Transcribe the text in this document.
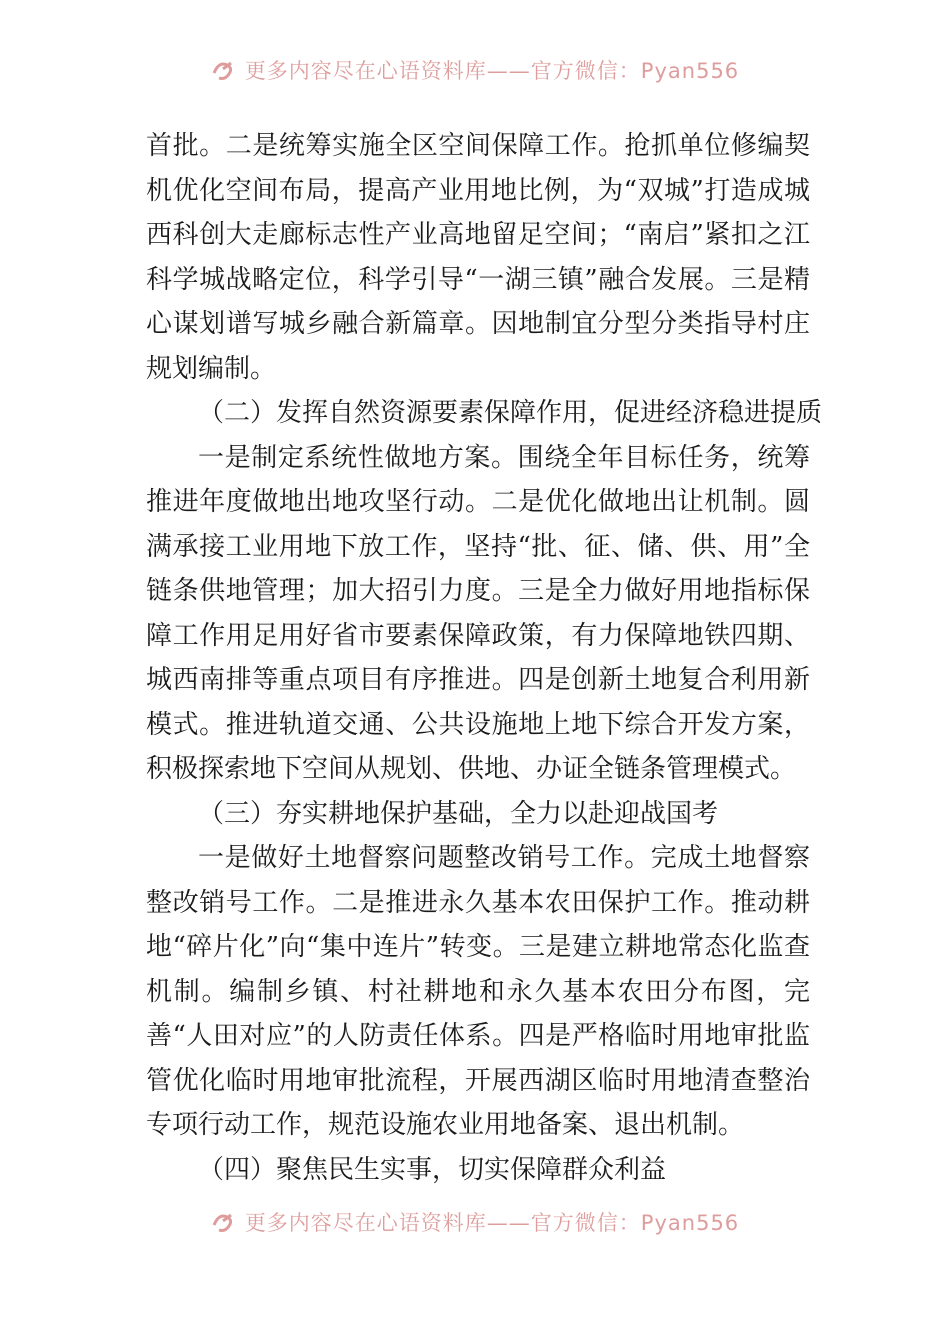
更多内容尽在心语资料库——官方微信：Pyan556

首批。二是统筹实施全区空间保障工作。抢抓单位修编契机优化空间布局，提高产业用地比例，为“双城”打造成城西科创大走廊标志性产业高地留足空间；“南启”紧扣之江科学城战略定位，科学引导“一湖三镇”融合发展。三是精心谋划谱写城乡融合新篇章。因地制宜分型分类指导村庄规划编制。

（二）发挥自然资源要素保障作用，促进经济稳进提质

一是制定系统性做地方案。围绕全年目标任务，统筹推进年度做地出地攻坚行动。二是优化做地出让机制。圆满承接工业用地下放工作，坚持“批、征、储、供、用”全链条供地管理；加大招引力度。三是全力做好用地指标保障工作用足用好省市要素保障政策，有力保障地铁四期、城西南排等重点项目有序推进。四是创新土地复合利用新模式。推进轨道交通、公共设施地上地下综合开发方案，积极探索地下空间从规划、供地、办证全链条管理模式。

（三）夯实耕地保护基础，全力以赴迎战国考

一是做好土地督察问题整改销号工作。完成土地督察整改销号工作。二是推进永久基本农田保护工作。推动耕地“碎片化”向“集中连片”转变。三是建立耕地常态化监查机制。编制乡镇、村社耕地和永久基本农田分布图，完善“人田对应”的人防责任体系。四是严格临时用地审批监管优化临时用地审批流程，开展西湖区临时用地清查整治专项行动工作，规范设施农业用地备案、退出机制。

（四）聚焦民生实事，切实保障群众利益

更多内容尽在心语资料库——官方微信：Pyan556
